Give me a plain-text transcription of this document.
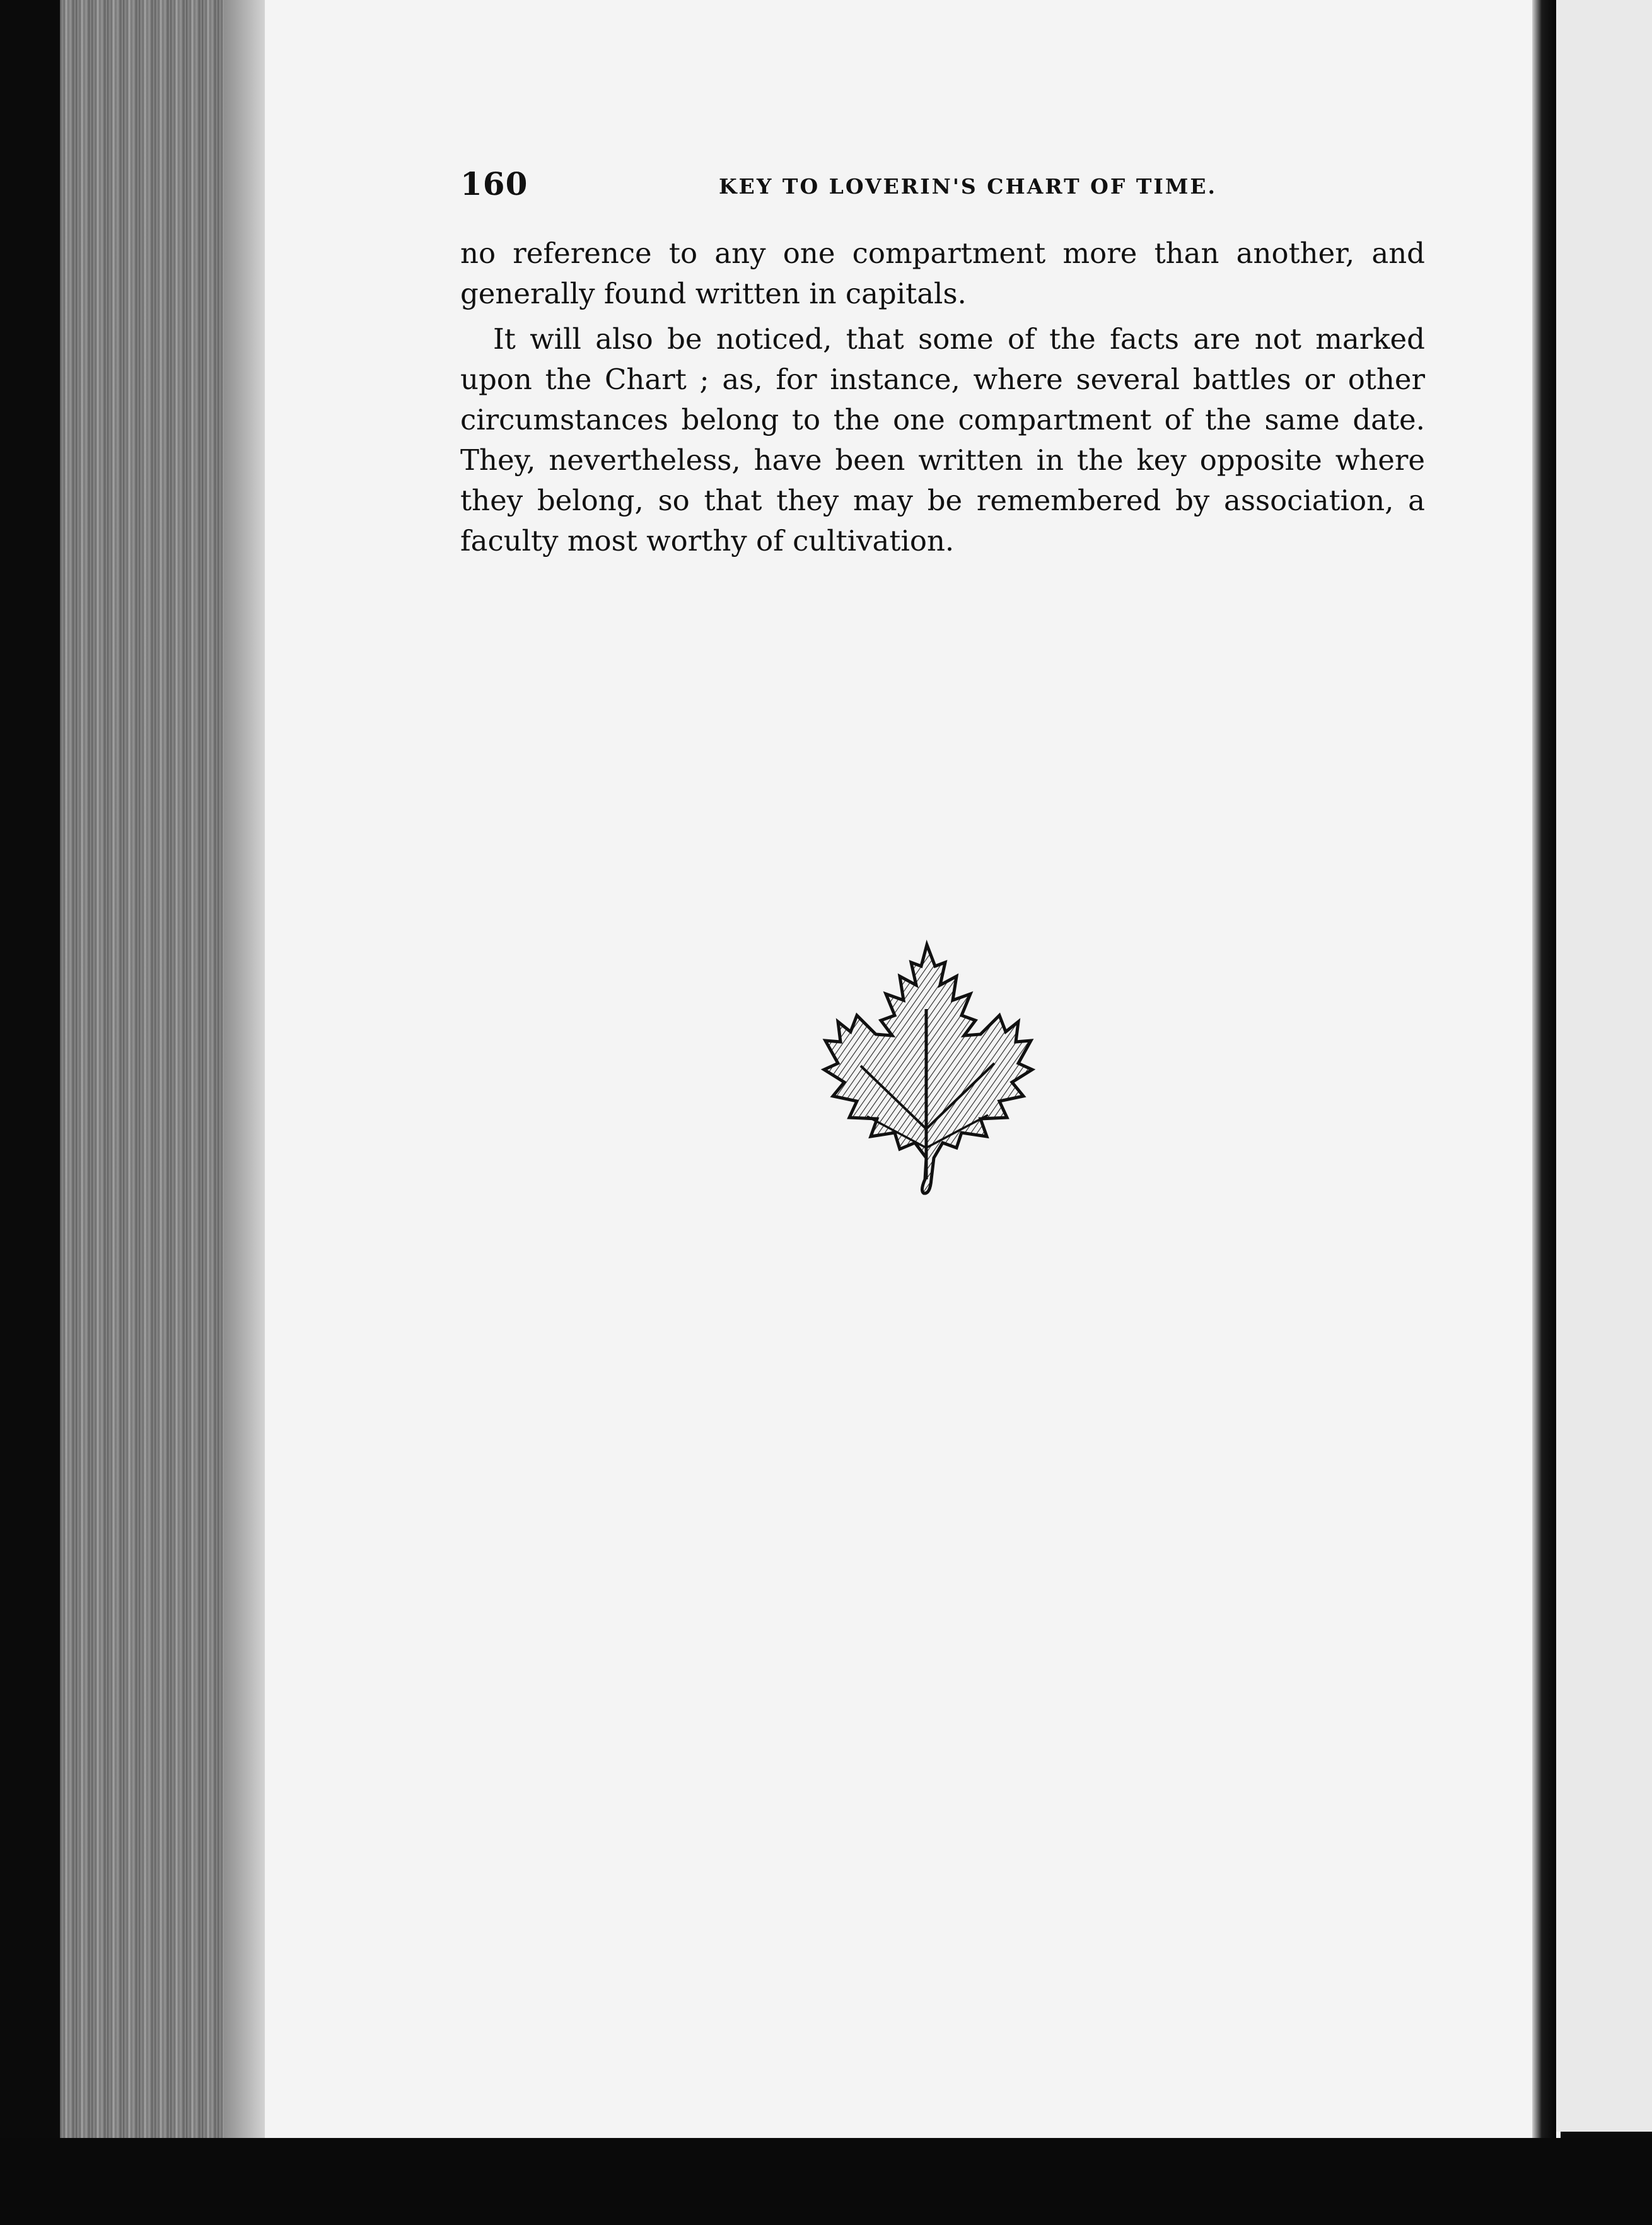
160	KEY TO LOVERIN'S CHART OF TIME.

no reference to any one compartment more than another, and generally found written in capitals.

It will also be noticed, that some of the facts are not marked upon the Chart ; as, for instance, where several battles or other circumstances belong to the one compartment of the same date. They, nevertheless, have been written in the key opposite where they belong, so that they may be remembered by association, a faculty most worthy of cultivation.
